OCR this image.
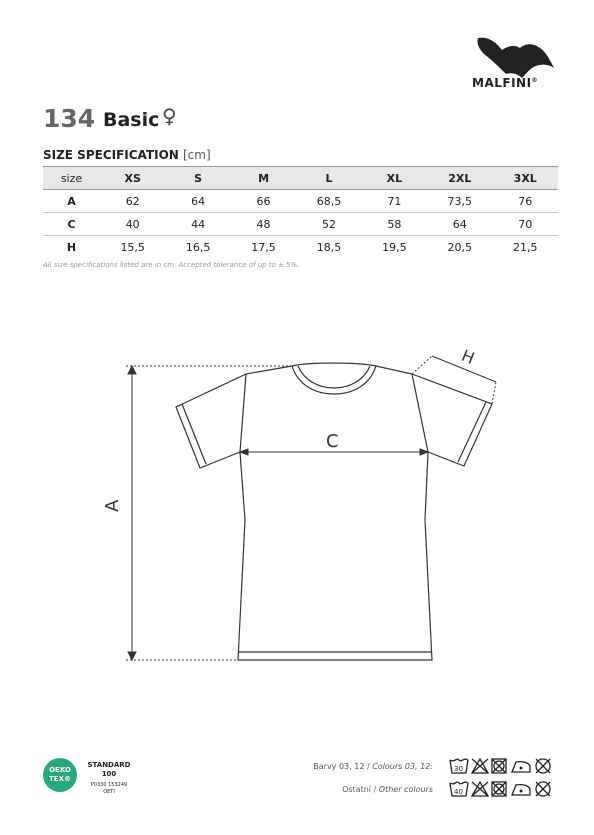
MALFINI®
134 Basic ♀
SIZE SPECIFICATION [cm]
size	XS	S	M	L	XL	2XL	3XL
A	62	64	66	68,5	71	73,5	76
C	40	44	48	52	58	64	70
H	15,5	16,5	17,5	18,5	19,5	20,5	21,5
All size specifications listed are in cm. Accepted tolerance of up to ± 5%.
A
C
H
OEKO
TEX®
STANDARD
100
P0330 153249
OETI
Barvy 03, 12 / Colours 03, 12:	30
Ostatní / Other colours	40
